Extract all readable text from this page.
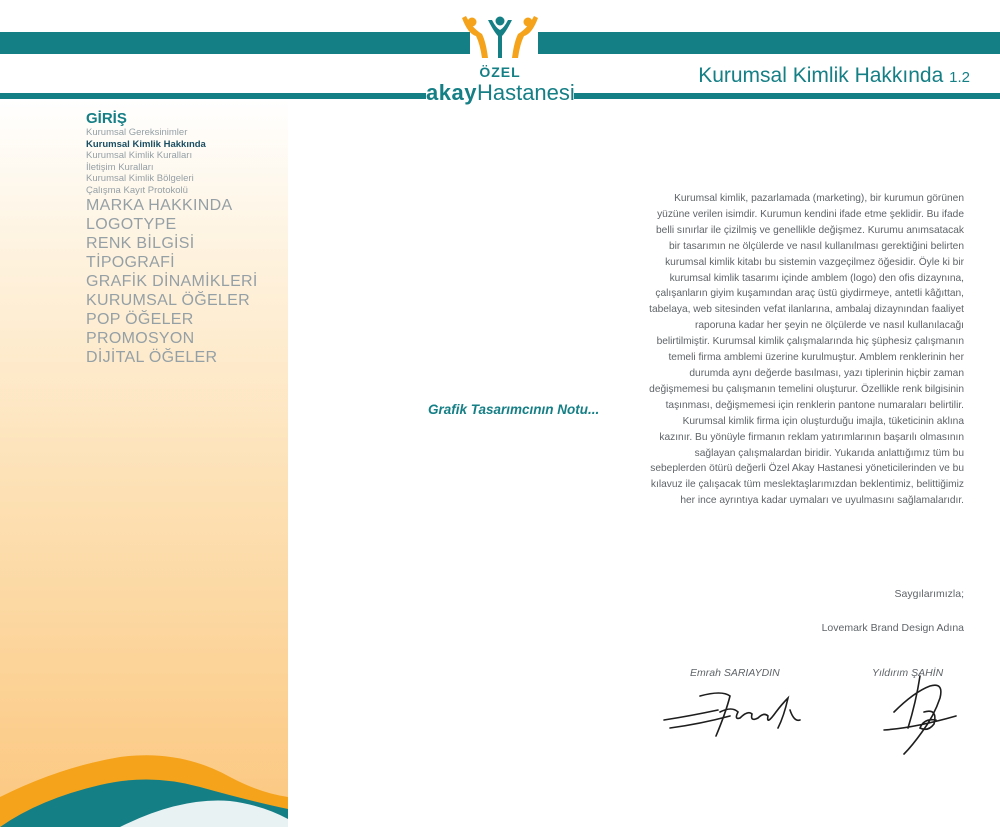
ÖZEL
akayHastanesi
Kurumsal Kimlik Hakkında 1.2
GİRİŞ
Kurumsal Gereksinimler
Kurumsal Kimlik Hakkında
Kurumsal Kimlik Kuralları
İletişim Kuralları
Kurumsal Kimlik Bölgeleri
Çalışma Kayıt Protokolü
MARKA HAKKINDA
LOGOTYPE
RENK BİLGİSİ
TİPOGRAFİ
GRAFİK DİNAMİKLERİ
KURUMSAL ÖĞELER
POP ÖĞELER
PROMOSYON
DİJİTAL ÖĞELER
Grafik Tasarımcının Notu...
Kurumsal kimlik, pazarlamada (marketing), bir kurumun görünen yüzüne verilen isimdir. Kurumun kendini ifade etme şeklidir. Bu ifade belli sınırlar ile çizilmiş ve genellikle değişmez. Kurumu anımsatacak bir tasarımın ne ölçülerde ve nasıl kullanılması gerektiğini belirten kurumsal kimlik kitabı bu sistemin vazgeçilmez öğesidir. Öyle ki bir kurumsal kimlik tasarımı içinde amblem (logo) den ofis dizaynına, çalışanların giyim kuşamından araç üstü giydirmeye, antetli kâğıttan, tabelaya, web sitesinden vefat ilanlarına, ambalaj dizaynından faaliyet raporuna kadar her şeyin ne ölçülerde ve nasıl kullanılacağı belirtilmiştir. Kurumsal kimlik çalışmalarında hiç şüphesiz çalışmanın temeli firma amblemi üzerine kurulmuştur. Amblem renklerinin her durumda aynı değerde basılması, yazı tiplerinin hiçbir zaman değişmemesi bu çalışmanın temelini oluşturur. Özellikle renk bilgisinin taşınması, değişmemesi için renklerin pantone numaraları belirtilir. Kurumsal kimlik firma için oluşturduğu imajla, tüketicinin aklına kazınır. Bu yönüyle firmanın reklam yatırımlarının başarılı olmasının sağlayan çalışmalardan biridir. Yukarıda anlattığımız tüm bu sebeplerden ötürü değerli Özel Akay Hastanesi yöneticilerinden ve bu kılavuz ile çalışacak tüm meslektaşlarımızdan beklentimiz, belittiğimiz her ince ayrıntıya kadar uymaları ve uyulmasını sağlamalarıdır.
Saygılarımızla;
Lovemark Brand Design Adına
Emrah SARIAYDIN	Yıldırım ŞAHİN
